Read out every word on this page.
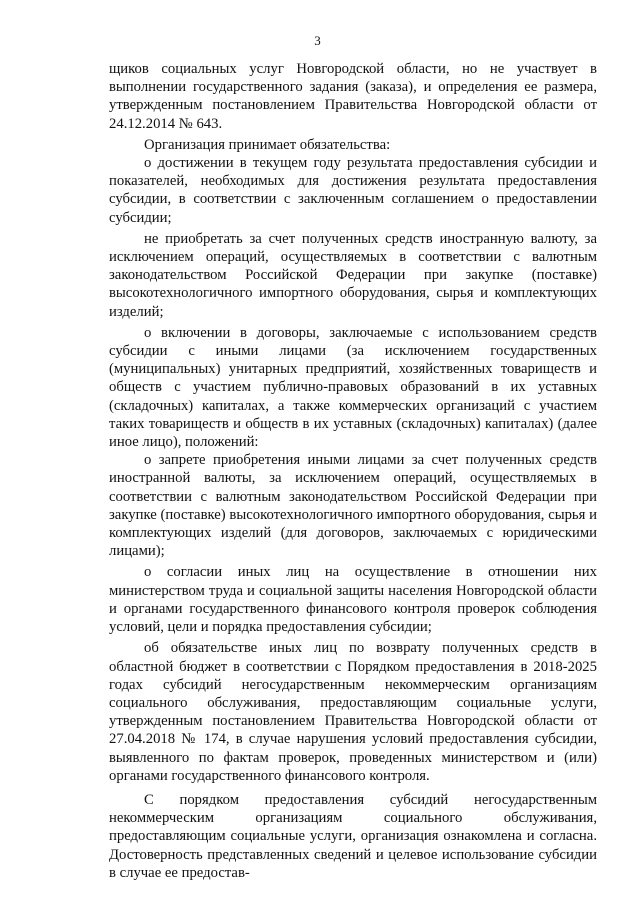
3

щиков социальных услуг Новгородской области, но не участвует в выполнении государственного задания (заказа), и определения ее размера, утвержденным постановлением Правительства Новгородской области от 24.12.2014 № 643.

Организация принимает обязательства:

о достижении в текущем году результата предоставления субсидии и показателей, необходимых для достижения результата предоставления субсидии, в соответствии с заключенным соглашением о предоставлении субсидии;

не приобретать за счет полученных средств иностранную валюту, за исключением операций, осуществляемых в соответствии с валютным законодательством Российской Федерации при закупке (поставке) высокотехнологичного импортного оборудования, сырья и комплектующих изделий;

о включении в договоры, заключаемые с использованием средств субсидии с иными лицами (за исключением государственных (муниципальных) унитарных предприятий, хозяйственных товариществ и обществ с участием публично-правовых образований в их уставных (складочных) капиталах, а также коммерческих организаций с участием таких товариществ и обществ в их уставных (складочных) капиталах) (далее иное лицо), положений:

о запрете приобретения иными лицами за счет полученных средств иностранной валюты, за исключением операций, осуществляемых в соответствии с валютным законодательством Российской Федерации при закупке (поставке) высокотехнологичного импортного оборудования, сырья и комплектующих изделий (для договоров, заключаемых с юридическими лицами);

о согласии иных лиц на осуществление в отношении них министерством труда и социальной защиты населения Новгородской области и органами государственного финансового контроля проверок соблюдения условий, цели и порядка предоставления субсидии;

об обязательстве иных лиц по возврату полученных средств в областной бюджет в соответствии с Порядком предоставления в 2018-2025 годах субсидий негосударственным некоммерческим организациям социального обслуживания, предоставляющим социальные услуги, утвержденным постановлением Правительства Новгородской области от 27.04.2018 № 174, в случае нарушения условий предоставления субсидии, выявленного по фактам проверок, проведенных министерством и (или) органами государственного финансового контроля.

С порядком предоставления субсидий негосударственным некоммерческим организациям социального обслуживания, предоставляющим социальные услуги, организация ознакомлена и согласна. Достоверность представленных сведений и целевое использование субсидии в случае ее предостав-
